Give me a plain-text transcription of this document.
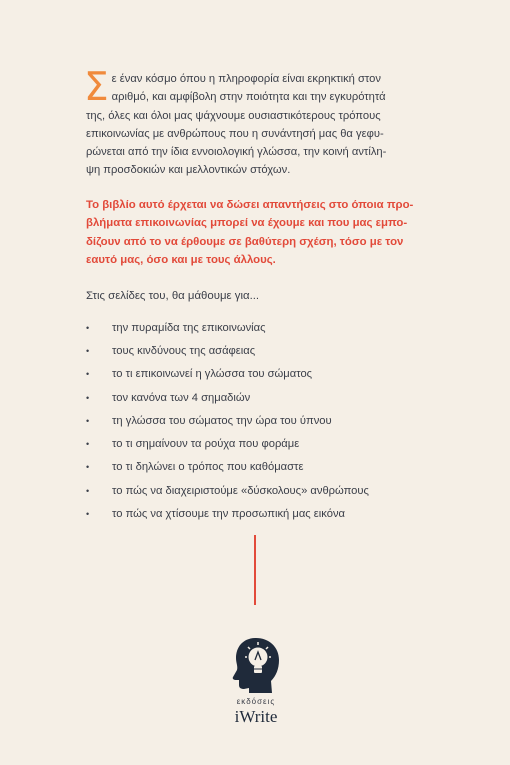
Σ ε έναν κόσμο όπου η πληροφορία είναι εκρηκτική στον
αριθμό, και αμφίβολη στην ποιότητα και την εγκυρότητά
της, όλες και όλοι μας ψάχνουμε ουσιαστικότερους τρόπους
επικοινωνίας με ανθρώπους που η συνάντησή μας θα γεφυ-
ρώνεται από την ίδια εννοιολογική γλώσσα, την κοινή αντίλη-
ψη προσδοκιών και μελλοντικών στόχων.
Το βιβλίο αυτό έρχεται να δώσει απαντήσεις στο όποια προ-
βλήματα επικοινωνίας μπορεί να έχουμε και που μας εμπο-
δίζουν από το να έρθουμε σε βαθύτερη σχέση, τόσο με τον
εαυτό μας, όσο και με τους άλλους.
Στις σελίδες του, θα μάθουμε για...
•	την πυραμίδα της επικοινωνίας
•	τους κινδύνους της ασάφειας
•	το τι επικοινωνεί η γλώσσα του σώματος
•	τον κανόνα των 4 σημαδιών
•	τη γλώσσα του σώματος την ώρα του ύπνου
•	το τι σημαίνουν τα ρούχα που φοράμε
•	το τι δηλώνει ο τρόπος που καθόμαστε
•	το πώς να διαχειριστούμε «δύσκολους» ανθρώπους
•	το πώς να χτίσουμε την προσωπική μας εικόνα
εκδόσεις
iWrite
